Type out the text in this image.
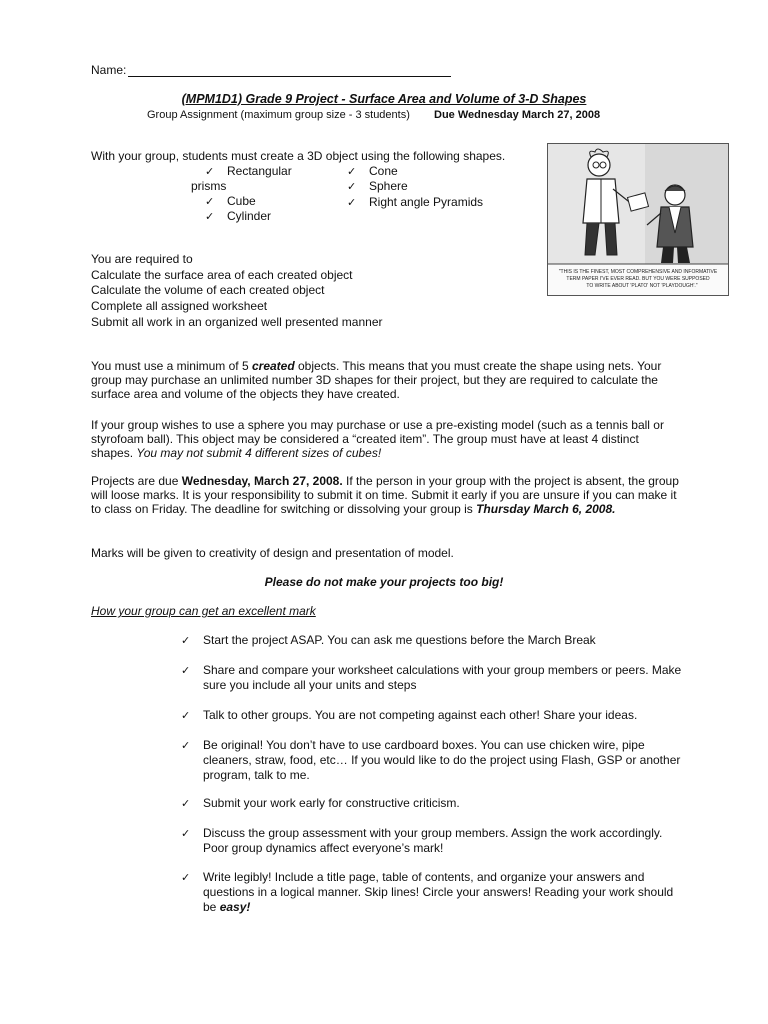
Name:
(MPM1D1) Grade 9 Project - Surface Area and Volume of 3-D Shapes
Group Assignment (maximum group size - 3 students) Due Wednesday March 27, 2008
With your group, students must create a 3D object using the following shapes.
✓ Rectangular
prisms
✓ Cube
✓ Cylinder
✓ Cone
✓ Sphere
✓ Right angle Pyramids
"THIS IS THE FINEST, MOST COMPREHENSIVE AND INFORMATIVE
TERM PAPER I'VE EVER READ. BUT YOU WERE SUPPOSED
TO WRITE ABOUT 'PLATO' NOT 'PLAYDOUGH'."
You are required to
Calculate the surface area of each created object
Calculate the volume of each created object
Complete all assigned worksheet
Submit all work in an organized well presented manner
You must use a minimum of 5 created objects. This means that you must create the shape using nets. Your group may purchase an unlimited number 3D shapes for their project, but they are required to calculate the surface area and volume of the objects they have created.
If your group wishes to use a sphere you may purchase or use a pre-existing model (such as a tennis ball or styrofoam ball). This object may be considered a “created item”. The group must have at least 4 distinct shapes. You may not submit 4 different sizes of cubes!
Projects are due Wednesday, March 27, 2008. If the person in your group with the project is absent, the group will loose marks. It is your responsibility to submit it on time. Submit it early if you are unsure if you can make it to class on Friday. The deadline for switching or dissolving your group is Thursday March 6, 2008.
Marks will be given to creativity of design and presentation of model.
Please do not make your projects too big!
How your group can get an excellent mark
✓	Start the project ASAP. You can ask me questions before the March Break
✓	Share and compare your worksheet calculations with your group members or peers. Make sure you include all your units and steps
✓	Talk to other groups. You are not competing against each other! Share your ideas.
✓	Be original! You don’t have to use cardboard boxes. You can use chicken wire, pipe cleaners, straw, food, etc… If you would like to do the project using Flash, GSP or another program, talk to me.
✓	Submit your work early for constructive criticism.
✓	Discuss the group assessment with your group members. Assign the work accordingly. Poor group dynamics affect everyone’s mark!
✓	Write legibly! Include a title page, table of contents, and organize your answers and questions in a logical manner. Skip lines! Circle your answers! Reading your work should be easy!
